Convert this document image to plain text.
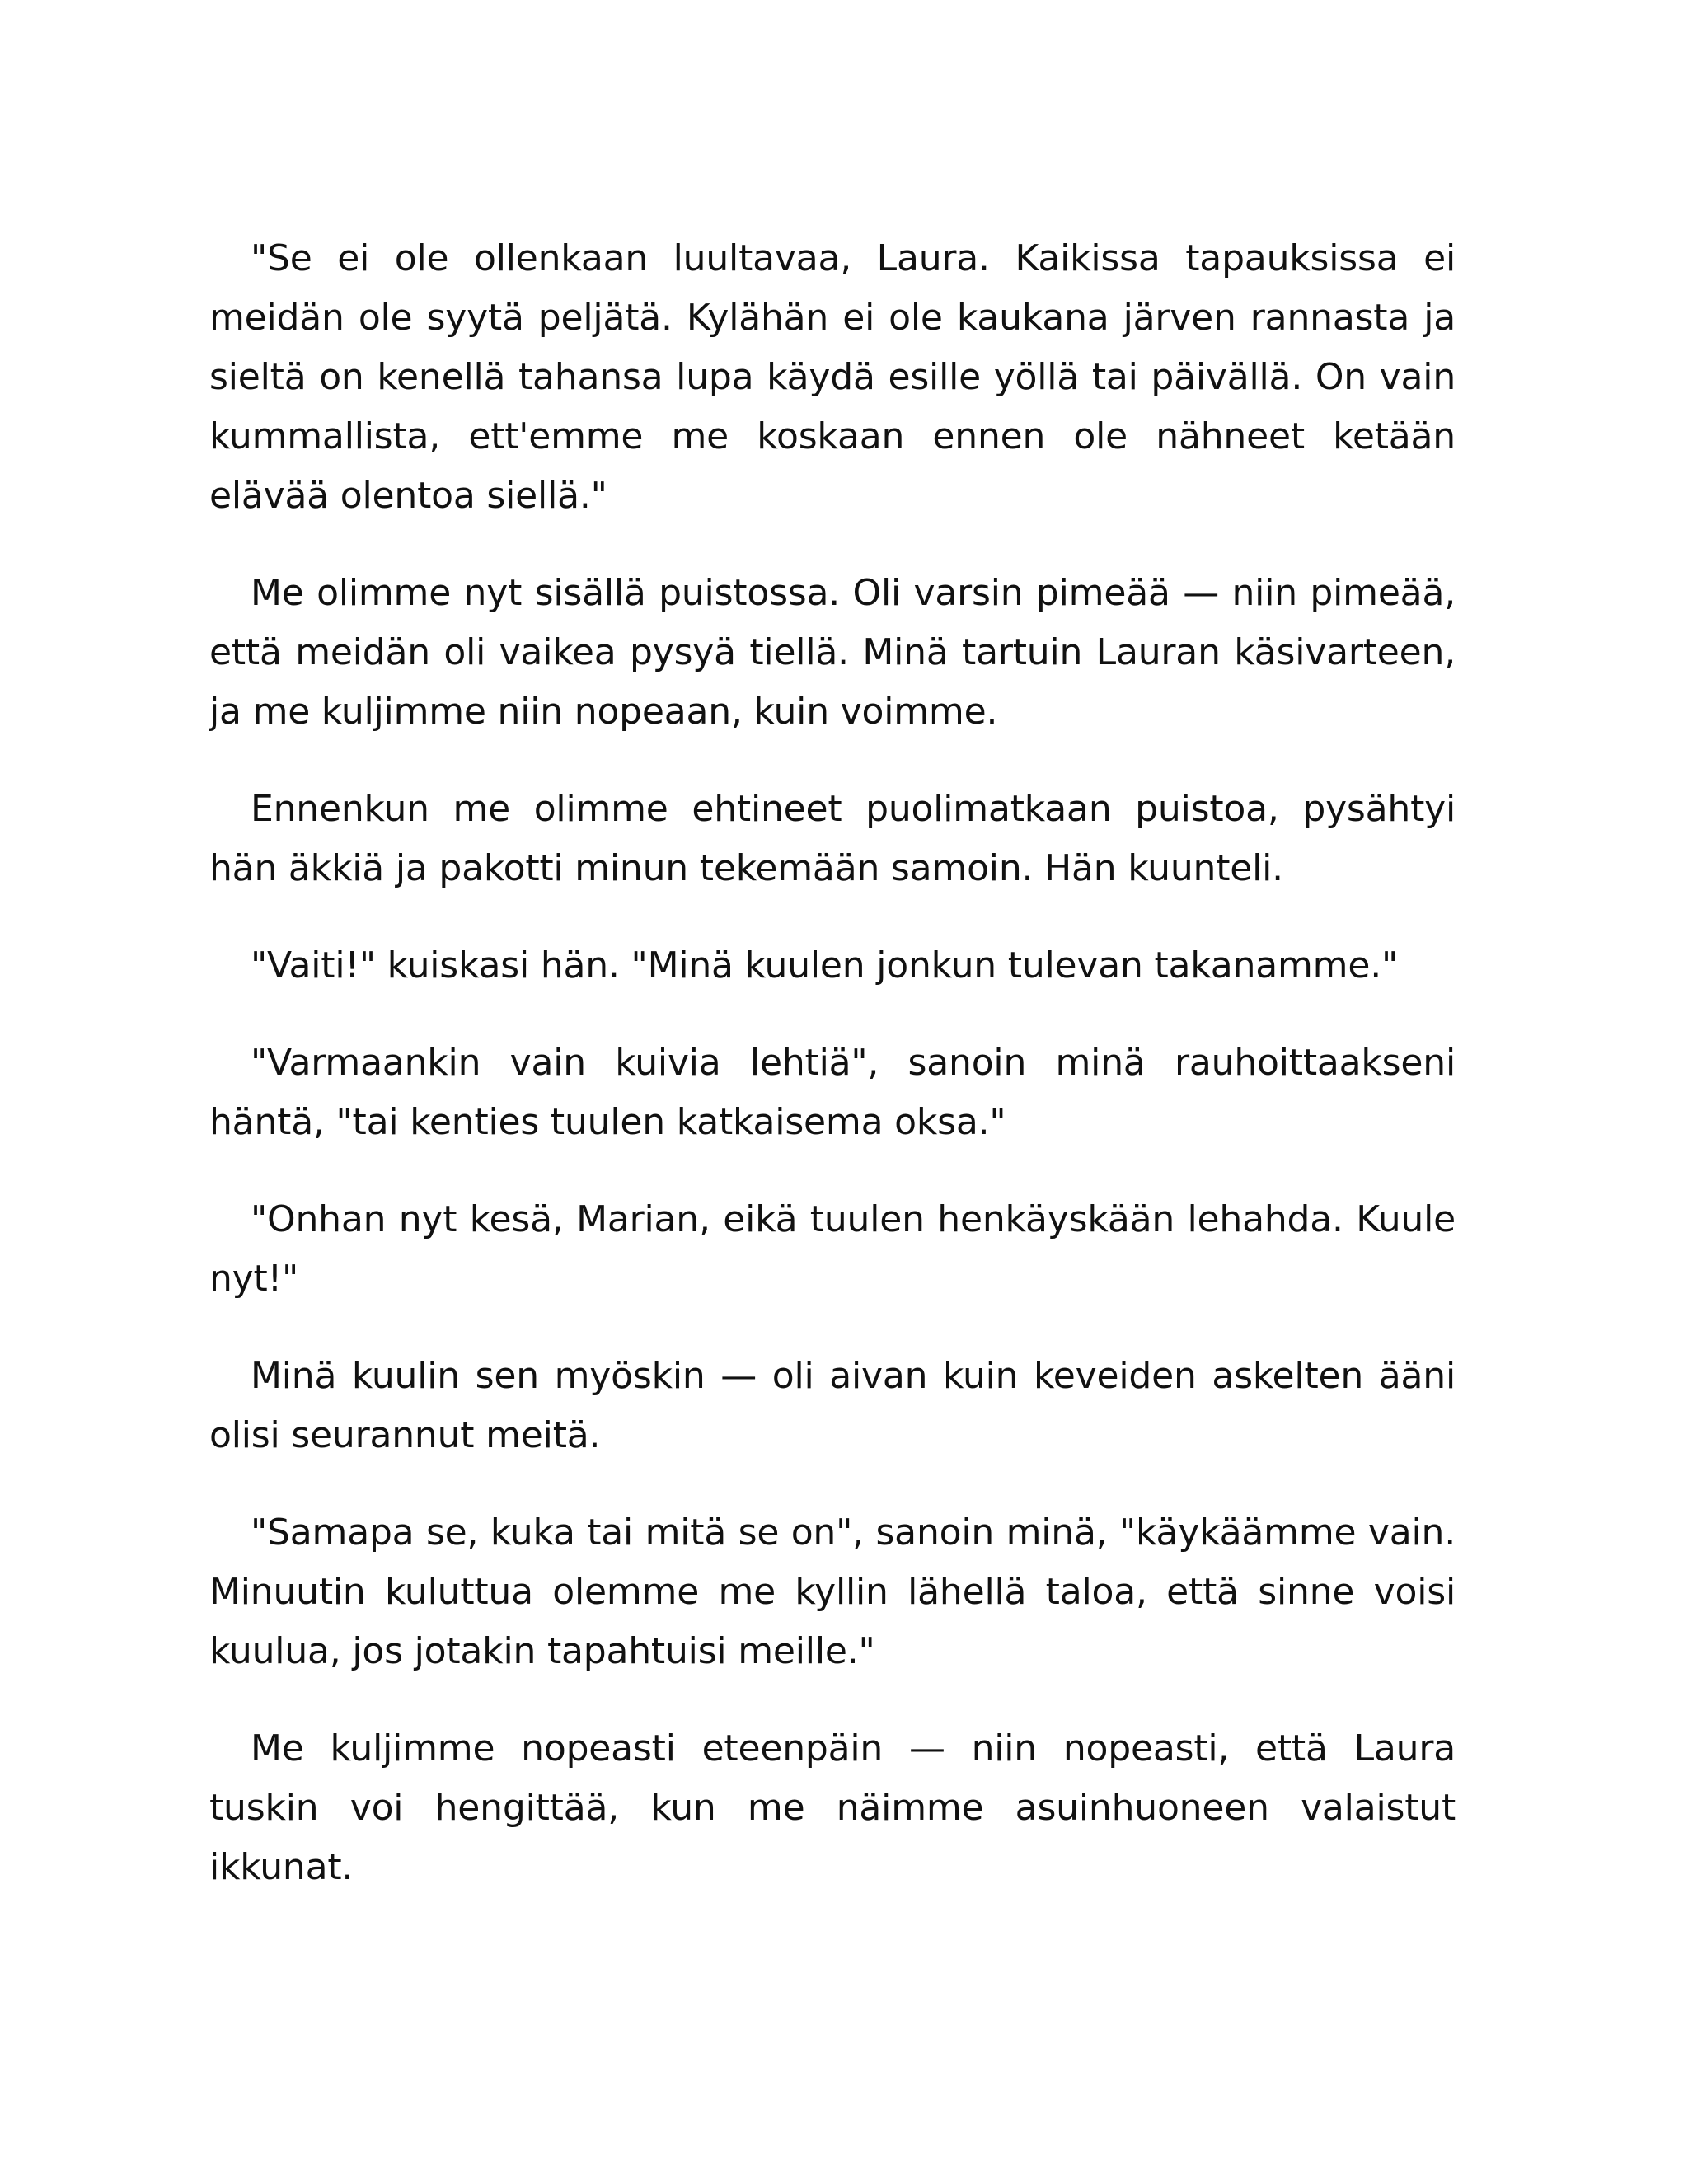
"Se ei ole ollenkaan luultavaa, Laura. Kaikissa tapauksissa ei meidän ole syytä peljätä. Kylähän ei ole kaukana järven rannasta ja sieltä on kenellä tahansa lupa käydä esille yöllä tai päivällä. On vain kummallista, ett'emme me koskaan ennen ole nähneet ketään elävää olentoa siellä."

Me olimme nyt sisällä puistossa. Oli varsin pimeää — niin pimeää, että meidän oli vaikea pysyä tiellä. Minä tartuin Lauran käsivarteen, ja me kuljimme niin nopeaan, kuin voimme.

Ennenkun me olimme ehtineet puolimatkaan puistoa, pysähtyi hän äkkiä ja pakotti minun tekemään samoin. Hän kuunteli.

"Vaiti!" kuiskasi hän. "Minä kuulen jonkun tulevan takanamme."

"Varmaankin vain kuivia lehtiä", sanoin minä rauhoittaakseni häntä, "tai kenties tuulen katkaisema oksa."

"Onhan nyt kesä, Marian, eikä tuulen henkäyskään lehahda. Kuule nyt!"

Minä kuulin sen myöskin — oli aivan kuin keveiden askelten ääni olisi seurannut meitä.

"Samapa se, kuka tai mitä se on", sanoin minä, "käykäämme vain. Minuutin kuluttua olemme me kyllin lähellä taloa, että sinne voisi kuulua, jos jotakin tapahtuisi meille."

Me kuljimme nopeasti eteenpäin — niin nopeasti, että Laura tuskin voi hengittää, kun me näimme asuinhuoneen valaistut ikkunat.
